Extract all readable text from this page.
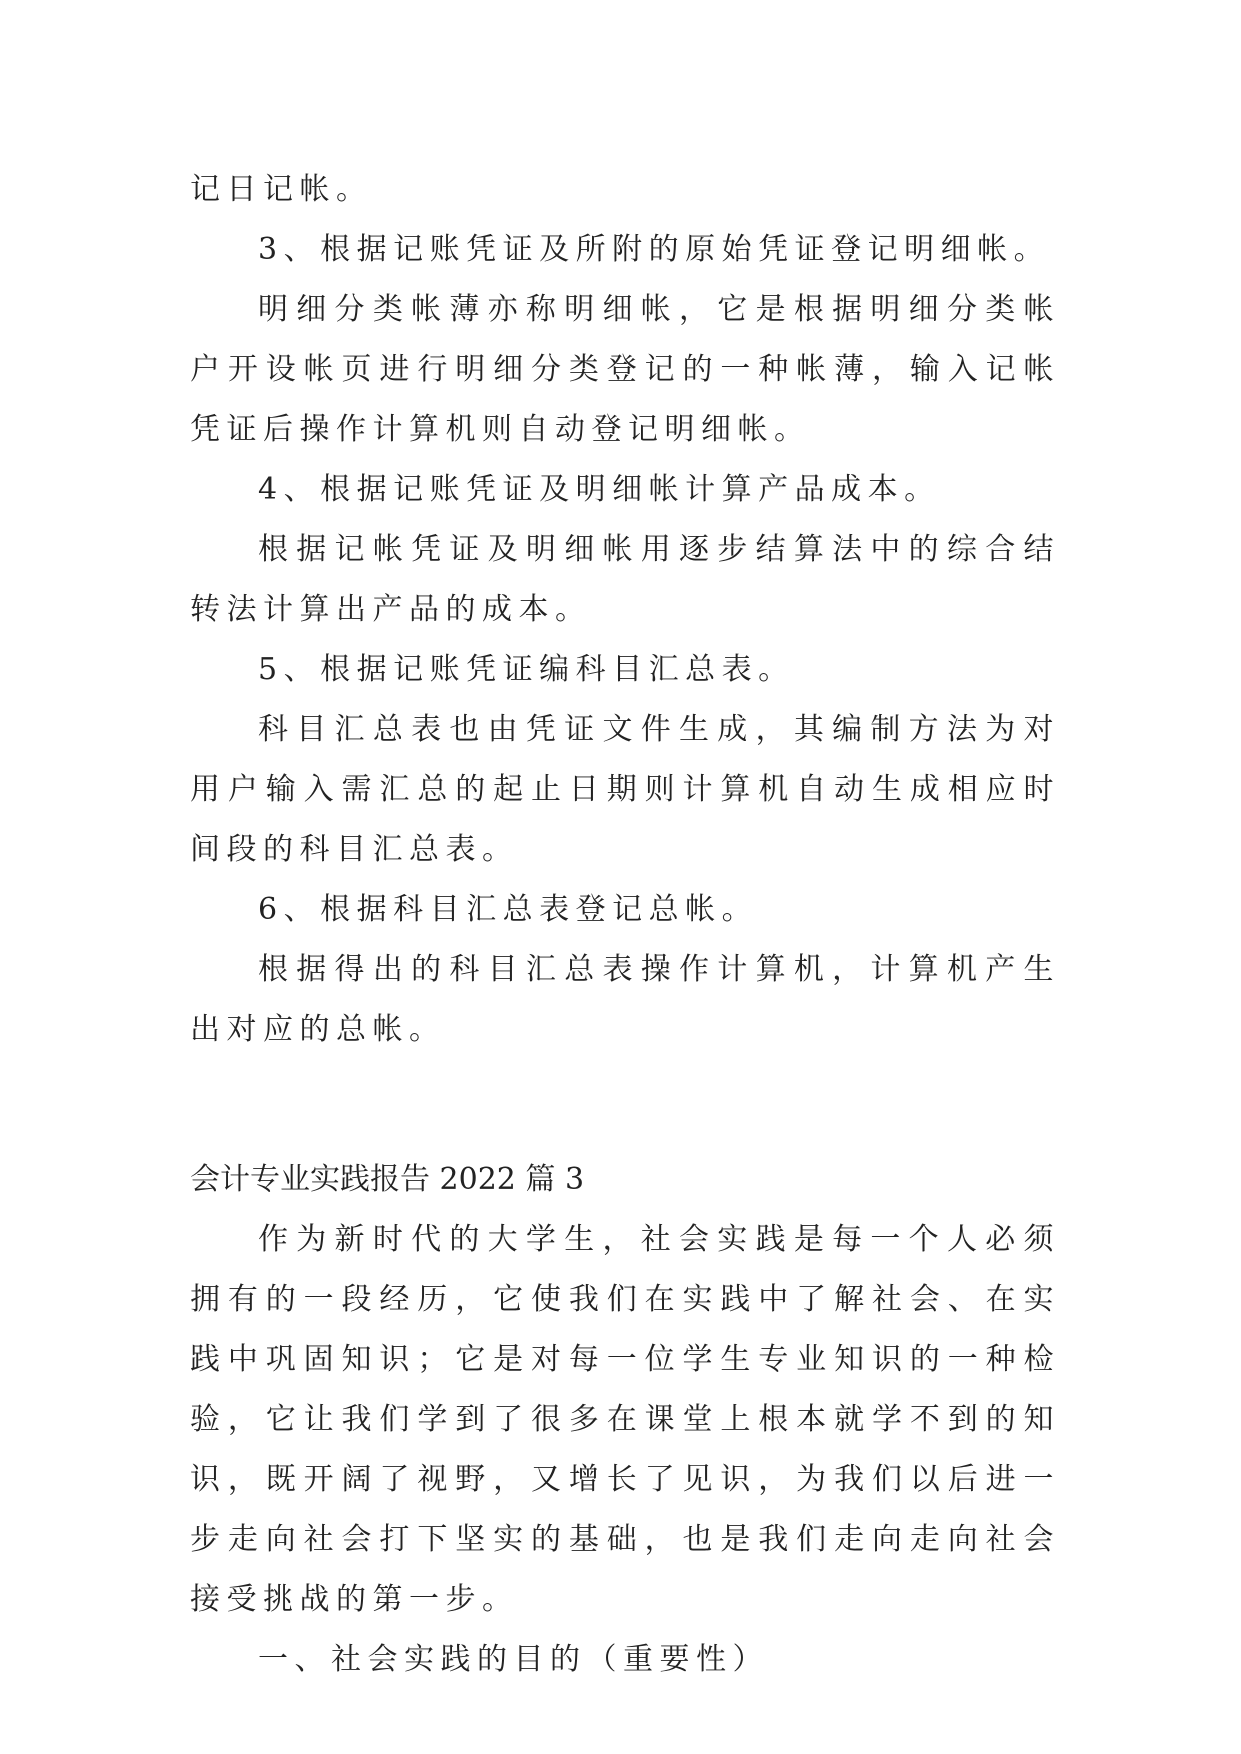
记日记帐。

3、根据记账凭证及所附的原始凭证登记明细帐。

明细分类帐薄亦称明细帐，它是根据明细分类帐户开设帐页进行明细分类登记的一种帐薄，输入记帐凭证后操作计算机则自动登记明细帐。

4、根据记账凭证及明细帐计算产品成本。

根据记帐凭证及明细帐用逐步结算法中的综合结转法计算出产品的成本。

5、根据记账凭证编科目汇总表。

科目汇总表也由凭证文件生成，其编制方法为对用户输入需汇总的起止日期则计算机自动生成相应时间段的科目汇总表。

6、根据科目汇总表登记总帐。

根据得出的科目汇总表操作计算机，计算机产生出对应的总帐。

会计专业实践报告 2022 篇 3

作为新时代的大学生，社会实践是每一个人必须拥有的一段经历，它使我们在实践中了解社会、在实践中巩固知识；它是对每一位学生专业知识的一种检验，它让我们学到了很多在课堂上根本就学不到的知识，既开阔了视野，又增长了见识，为我们以后进一步走向社会打下坚实的基础，也是我们走向走向社会接受挑战的第一步。

一、社会实践的目的（重要性）
